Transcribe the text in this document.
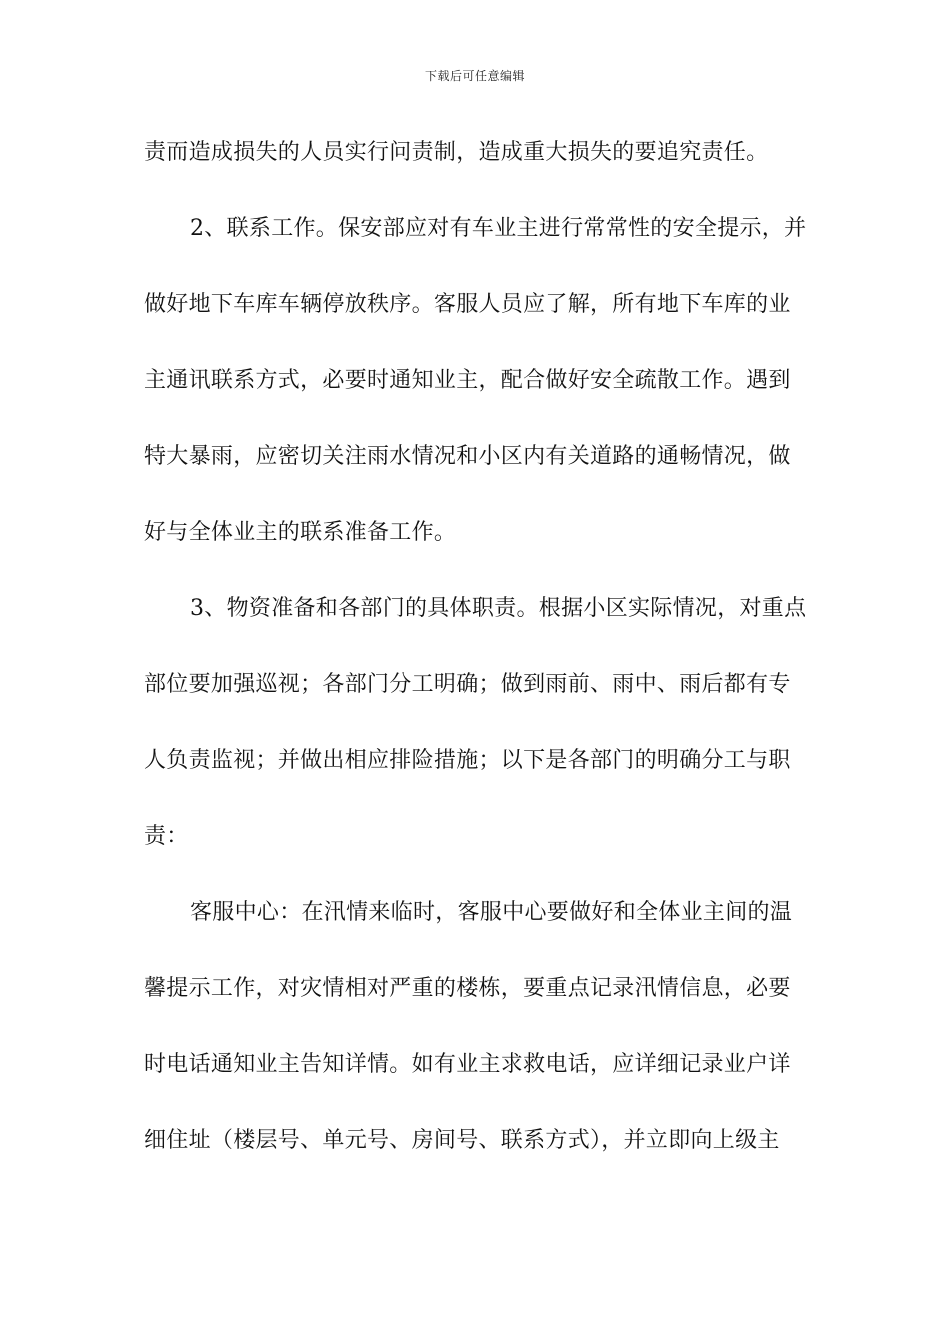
下载后可任意编辑
责而造成损失的人员实行问责制，造成重大损失的要追究责任。
2、联系工作。保安部应对有车业主进行常常性的安全提示，并
做好地下车库车辆停放秩序。客服人员应了解，所有地下车库的业
主通讯联系方式，必要时通知业主，配合做好安全疏散工作。遇到
特大暴雨，应密切关注雨水情况和小区内有关道路的通畅情况，做
好与全体业主的联系准备工作。
3、物资准备和各部门的具体职责。根据小区实际情况，对重点
部位要加强巡视；各部门分工明确；做到雨前、雨中、雨后都有专
人负责监视；并做出相应排险措施；以下是各部门的明确分工与职
责：
客服中心：在汛情来临时，客服中心要做好和全体业主间的温
馨提示工作，对灾情相对严重的楼栋，要重点记录汛情信息，必要
时电话通知业主告知详情。如有业主求救电话，应详细记录业户详
细住址（楼层号、单元号、房间号、联系方式），并立即向上级主
